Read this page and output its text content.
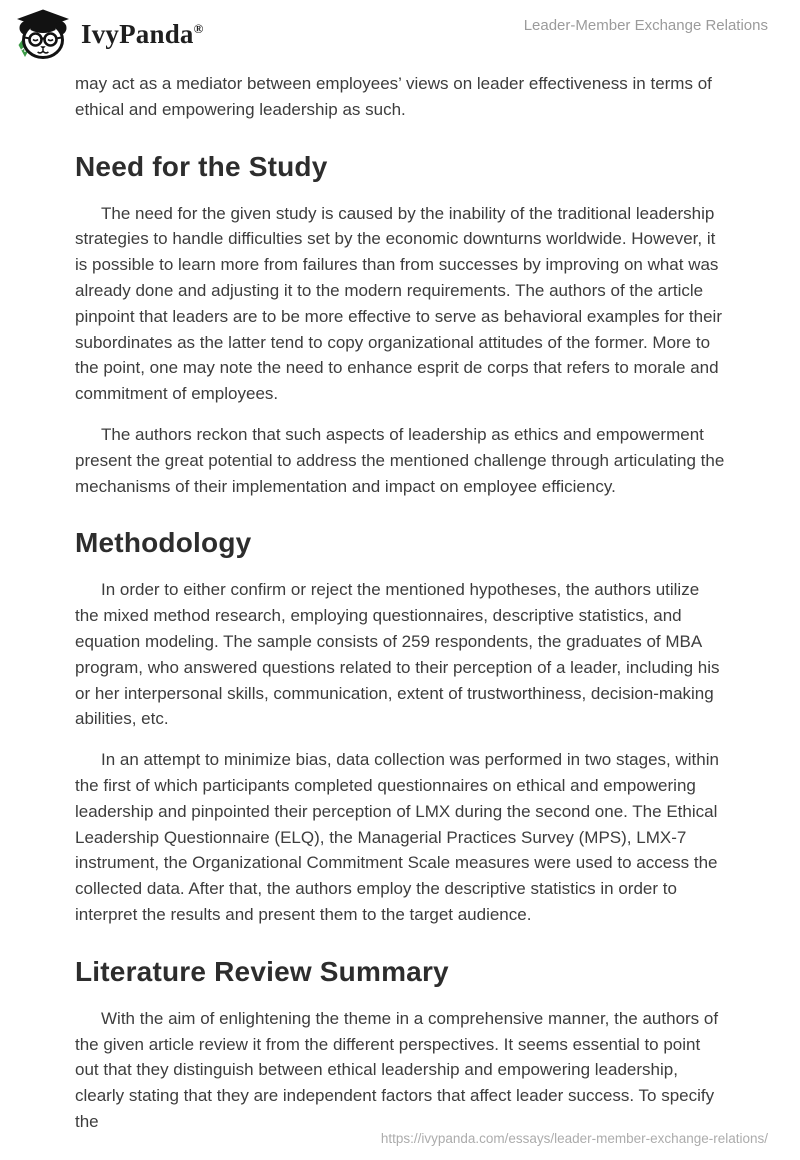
IvyPanda®	Leader-Member Exchange Relations

may act as a mediator between employees’ views on leader effectiveness in terms of ethical and empowering leadership as such.

Need for the Study

The need for the given study is caused by the inability of the traditional leadership strategies to handle difficulties set by the economic downturns worldwide. However, it is possible to learn more from failures than from successes by improving on what was already done and adjusting it to the modern requirements. The authors of the article pinpoint that leaders are to be more effective to serve as behavioral examples for their subordinates as the latter tend to copy organizational attitudes of the former. More to the point, one may note the need to enhance esprit de corps that refers to morale and commitment of employees.

The authors reckon that such aspects of leadership as ethics and empowerment present the great potential to address the mentioned challenge through articulating the mechanisms of their implementation and impact on employee efficiency.

Methodology

In order to either confirm or reject the mentioned hypotheses, the authors utilize the mixed method research, employing questionnaires, descriptive statistics, and equation modeling. The sample consists of 259 respondents, the graduates of MBA program, who answered questions related to their perception of a leader, including his or her interpersonal skills, communication, extent of trustworthiness, decision-making abilities, etc.

In an attempt to minimize bias, data collection was performed in two stages, within the first of which participants completed questionnaires on ethical and empowering leadership and pinpointed their perception of LMX during the second one. The Ethical Leadership Questionnaire (ELQ), the Managerial Practices Survey (MPS), LMX-7 instrument, the Organizational Commitment Scale measures were used to access the collected data. After that, the authors employ the descriptive statistics in order to interpret the results and present them to the target audience.

Literature Review Summary

With the aim of enlightening the theme in a comprehensive manner, the authors of the given article review it from the different perspectives. It seems essential to point out that they distinguish between ethical leadership and empowering leadership, clearly stating that they are independent factors that affect leader success. To specify the

https://ivypanda.com/essays/leader-member-exchange-relations/
